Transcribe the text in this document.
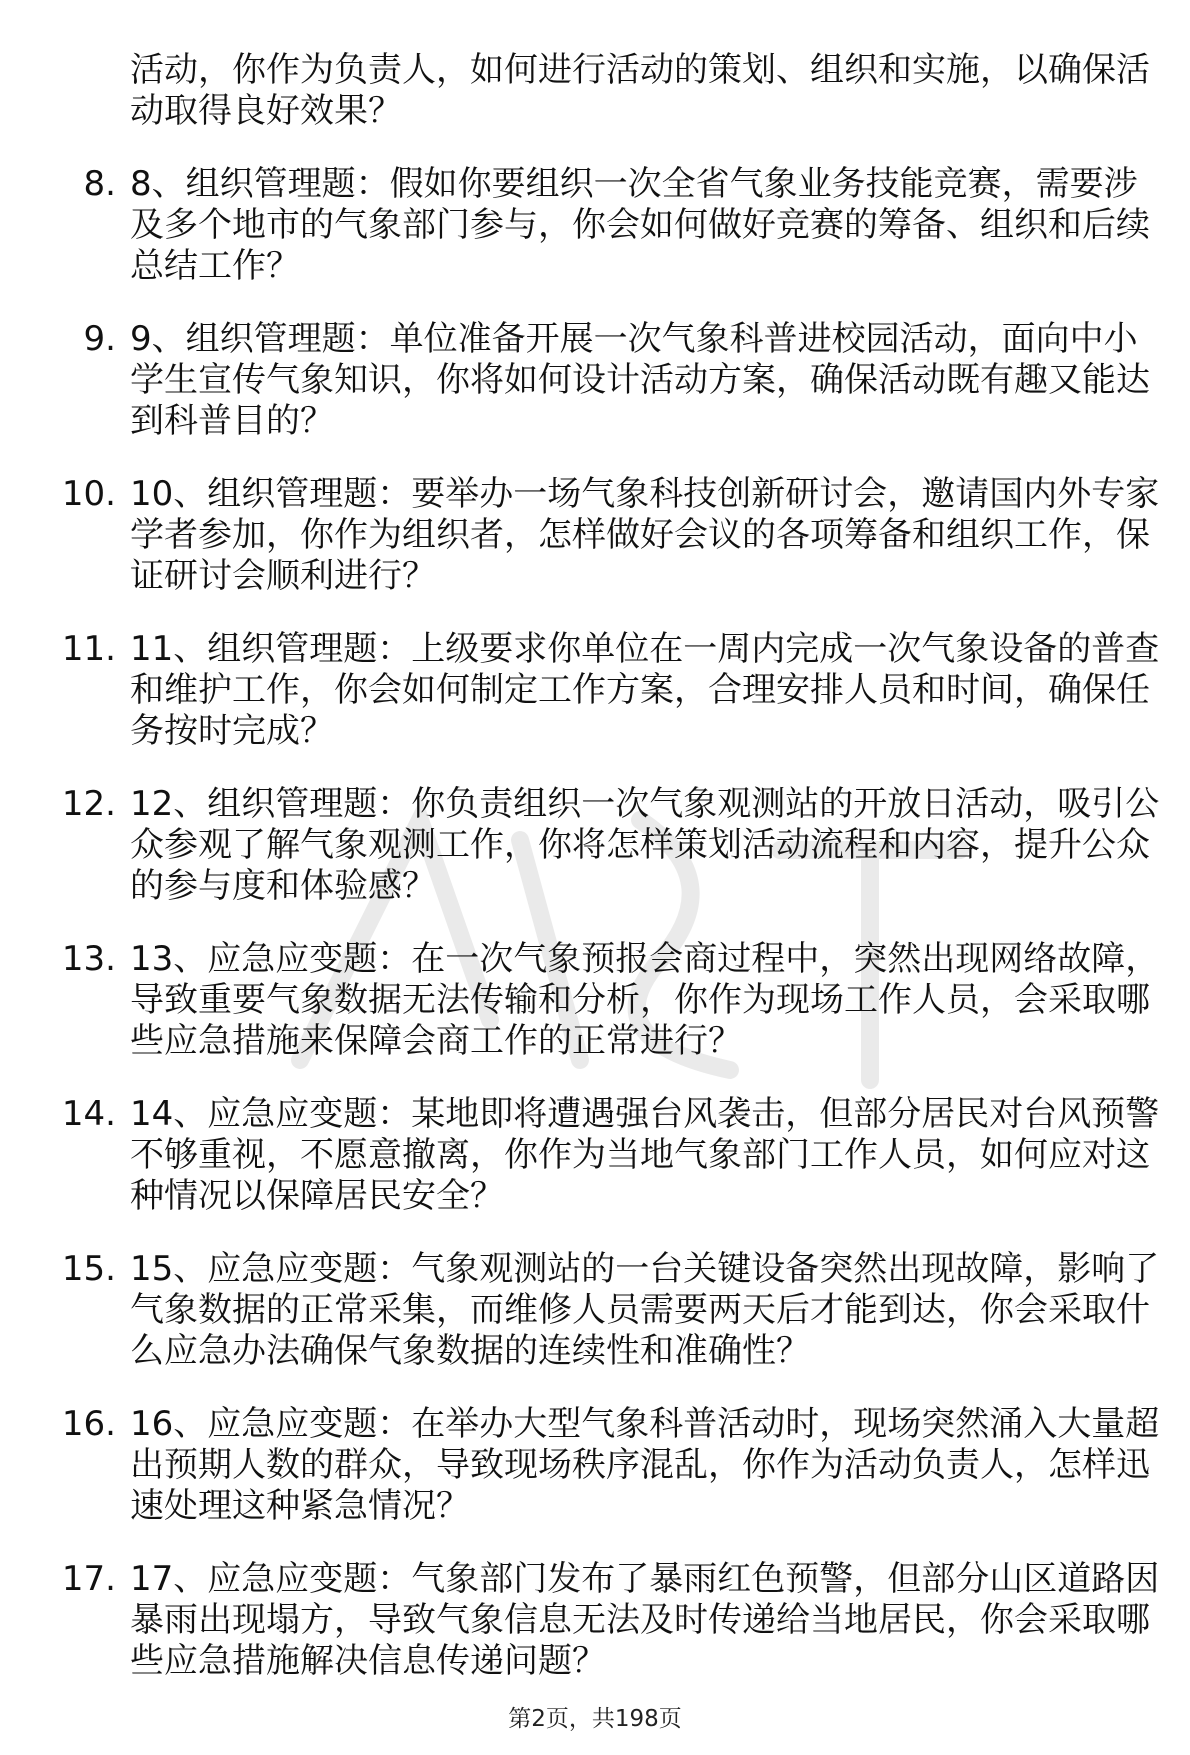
活动，你作为负责人，如何进行活动的策划、组织和实施，以确保活动取得良好效果？

8. 8、组织管理题：假如你要组织一次全省气象业务技能竞赛，需要涉及多个地市的气象部门参与，你会如何做好竞赛的筹备、组织和后续总结工作？
9. 9、组织管理题：单位准备开展一次气象科普进校园活动，面向中小学生宣传气象知识，你将如何设计活动方案，确保活动既有趣又能达到科普目的？
10. 10、组织管理题：要举办一场气象科技创新研讨会，邀请国内外专家学者参加，你作为组织者，怎样做好会议的各项筹备和组织工作，保证研讨会顺利进行？
11. 11、组织管理题：上级要求你单位在一周内完成一次气象设备的普查和维护工作，你会如何制定工作方案，合理安排人员和时间，确保任务按时完成？
12. 12、组织管理题：你负责组织一次气象观测站的开放日活动，吸引公众参观了解气象观测工作，你将怎样策划活动流程和内容，提升公众的参与度和体验感？
13. 13、应急应变题：在一次气象预报会商过程中，突然出现网络故障，导致重要气象数据无法传输和分析，你作为现场工作人员，会采取哪些应急措施来保障会商工作的正常进行？
14. 14、应急应变题：某地即将遭遇强台风袭击，但部分居民对台风预警不够重视，不愿意撤离，你作为当地气象部门工作人员，如何应对这种情况以保障居民安全？
15. 15、应急应变题：气象观测站的一台关键设备突然出现故障，影响了气象数据的正常采集，而维修人员需要两天后才能到达，你会采取什么应急办法确保气象数据的连续性和准确性？
16. 16、应急应变题：在举办大型气象科普活动时，现场突然涌入大量超出预期人数的群众，导致现场秩序混乱，你作为活动负责人，怎样迅速处理这种紧急情况？
17. 17、应急应变题：气象部门发布了暴雨红色预警，但部分山区道路因暴雨出现塌方，导致气象信息无法及时传递给当地居民，你会采取哪些应急措施解决信息传递问题？
第2页，共198页
